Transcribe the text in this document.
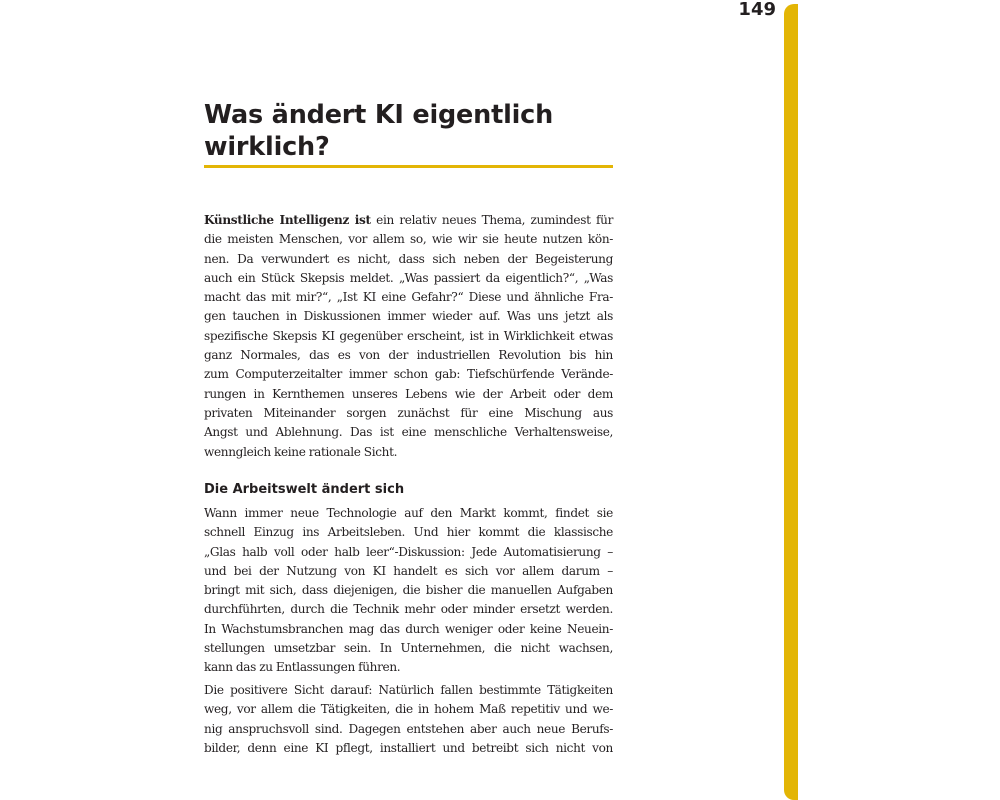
149
Was ändert KI eigentlich wirklich?

Künstliche Intelligenz ist ein relativ neues Thema, zumindest für
die meisten Menschen, vor allem so, wie wir sie heute nutzen kön-
nen. Da verwundert es nicht, dass sich neben der Begeisterung
auch ein Stück Skepsis meldet. „Was passiert da eigentlich?“, „Was
macht das mit mir?“, „Ist KI eine Gefahr?“ Diese und ähnliche Fra-
gen tauchen in Diskussionen immer wieder auf. Was uns jetzt als
spezifische Skepsis KI gegenüber erscheint, ist in Wirklichkeit etwas
ganz Normales, das es von der industriellen Revolution bis hin
zum Computerzeitalter immer schon gab: Tiefschürfende Verände-
rungen in Kernthemen unseres Lebens wie der Arbeit oder dem
privaten Miteinander sorgen zunächst für eine Mischung aus
Angst und Ablehnung. Das ist eine menschliche Verhaltensweise,
wenngleich keine rationale Sicht.

Die Arbeitswelt ändert sich

Wann immer neue Technologie auf den Markt kommt, findet sie
schnell Einzug ins Arbeitsleben. Und hier kommt die klassische
„Glas halb voll oder halb leer“-Diskussion: Jede Automatisierung –
und bei der Nutzung von KI handelt es sich vor allem darum –
bringt mit sich, dass diejenigen, die bisher die manuellen Aufgaben
durchführten, durch die Technik mehr oder minder ersetzt werden.
In Wachstumsbranchen mag das durch weniger oder keine Neuein-
stellungen umsetzbar sein. In Unternehmen, die nicht wachsen,
kann das zu Entlassungen führen.

Die positivere Sicht darauf: Natürlich fallen bestimmte Tätigkeiten
weg, vor allem die Tätigkeiten, die in hohem Maß repetitiv und we-
nig anspruchsvoll sind. Dagegen entstehen aber auch neue Berufs-
bilder, denn eine KI pflegt, installiert und betreibt sich nicht von
